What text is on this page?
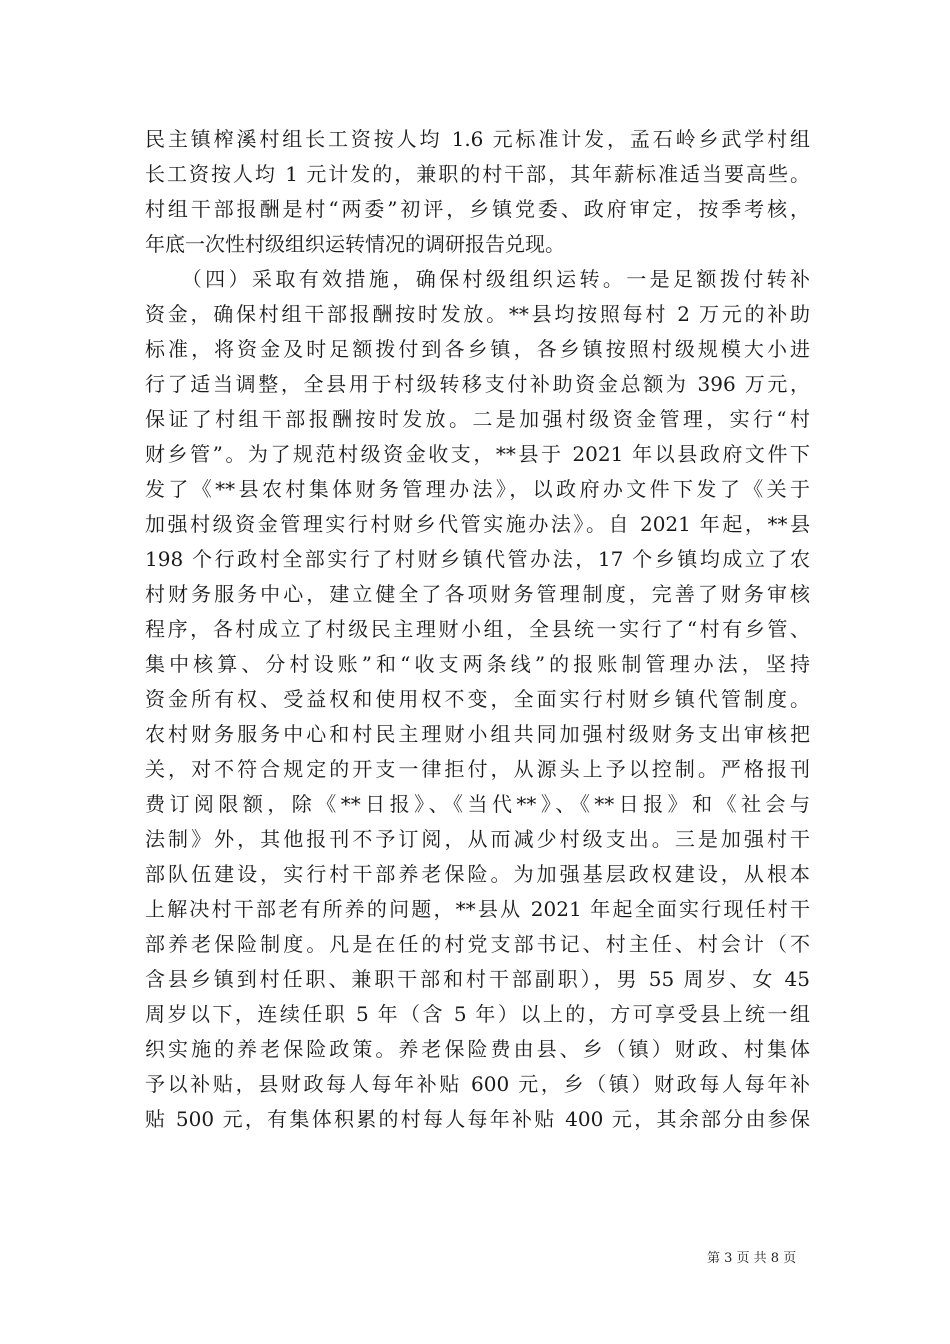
民主镇榨溪村组长工资按人均 1.6 元标准计发，孟石岭乡武学村组
长工资按人均 1 元计发的，兼职的村干部，其年薪标准适当要高些。
村组干部报酬是村“两委”初评，乡镇党委、政府审定，按季考核，
年底一次性村级组织运转情况的调研报告兑现。
　　（四）采取有效措施，确保村级组织运转。一是足额拨付转补
资金，确保村组干部报酬按时发放。**县均按照每村 2 万元的补助
标准，将资金及时足额拨付到各乡镇，各乡镇按照村级规模大小进
行了适当调整，全县用于村级转移支付补助资金总额为 396 万元，
保证了村组干部报酬按时发放。二是加强村级资金管理，实行“村
财乡管”。为了规范村级资金收支，**县于 2021 年以县政府文件下
发了《**县农村集体财务管理办法》，以政府办文件下发了《关于
加强村级资金管理实行村财乡代管实施办法》。自 2021 年起，**县
198 个行政村全部实行了村财乡镇代管办法，17 个乡镇均成立了农
村财务服务中心，建立健全了各项财务管理制度，完善了财务审核
程序，各村成立了村级民主理财小组，全县统一实行了“村有乡管、
集中核算、分村设账”和“收支两条线”的报账制管理办法，坚持
资金所有权、受益权和使用权不变，全面实行村财乡镇代管制度。
农村财务服务中心和村民主理财小组共同加强村级财务支出审核把
关，对不符合规定的开支一律拒付，从源头上予以控制。严格报刊
费订阅限额，除《**日报》、《当代**》、《**日报》和《社会与
法制》外，其他报刊不予订阅，从而减少村级支出。三是加强村干
部队伍建设，实行村干部养老保险。为加强基层政权建设，从根本
上解决村干部老有所养的问题，**县从 2021 年起全面实行现任村干
部养老保险制度。凡是在任的村党支部书记、村主任、村会计（不
含县乡镇到村任职、兼职干部和村干部副职），男 55 周岁、女 45
周岁以下，连续任职 5 年（含 5 年）以上的，方可享受县上统一组
织实施的养老保险政策。养老保险费由县、乡（镇）财政、村集体
予以补贴，县财政每人每年补贴 600 元，乡（镇）财政每人每年补
贴 500 元，有集体积累的村每人每年补贴 400 元，其余部分由参保
第 3 页 共 8 页
